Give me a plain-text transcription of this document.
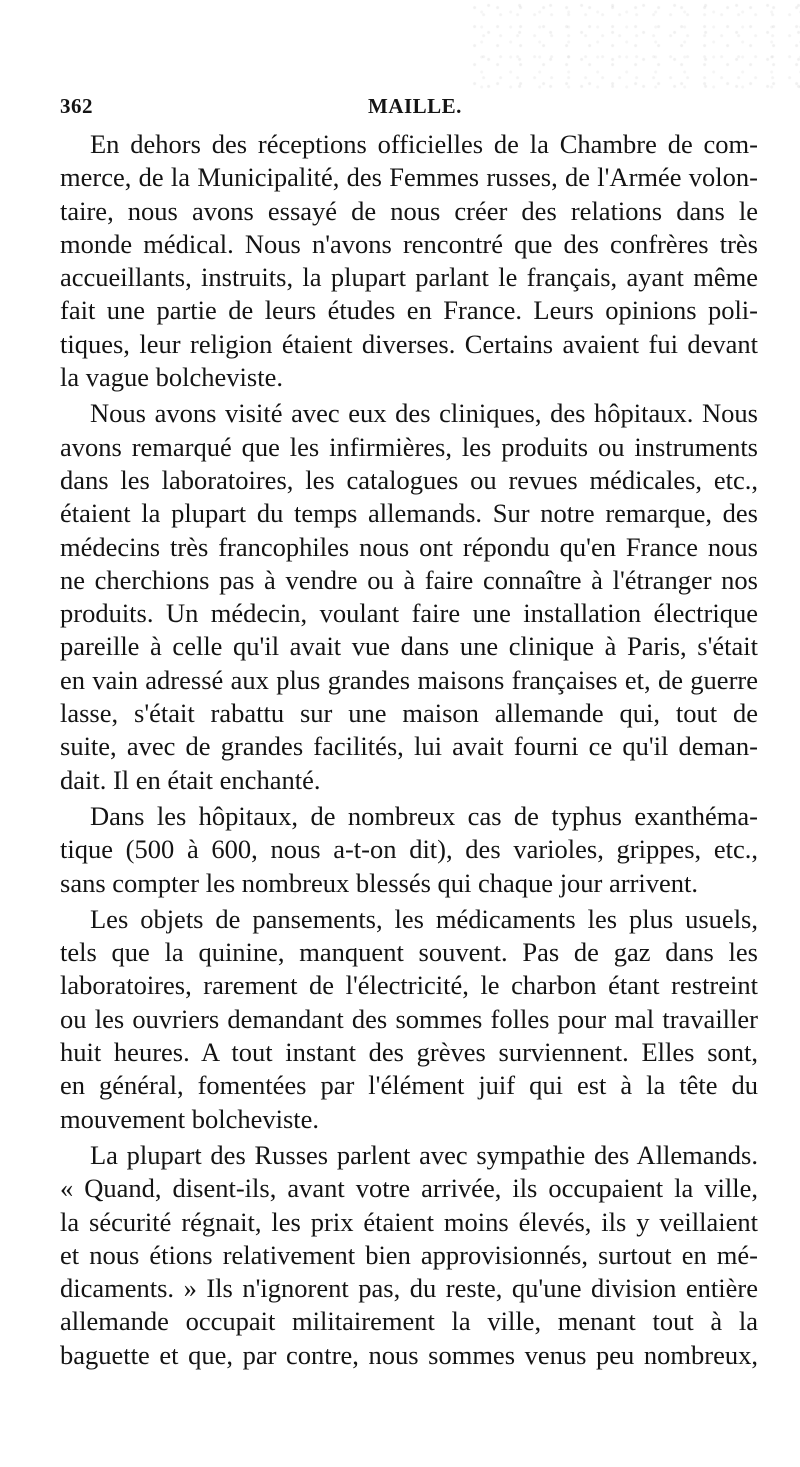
362	MAILLE.

En dehors des réceptions officielles de la Chambre de com-
merce, de la Municipalité, des Femmes russes, de l'Armée volon-
taire, nous avons essayé de nous créer des relations dans le
monde médical. Nous n'avons rencontré que des confrères très
accueillants, instruits, la plupart parlant le français, ayant même
fait une partie de leurs études en France. Leurs opinions poli-
tiques, leur religion étaient diverses. Certains avaient fui devant
la vague bolcheviste.

Nous avons visité avec eux des cliniques, des hôpitaux. Nous
avons remarqué que les infirmières, les produits ou instruments
dans les laboratoires, les catalogues ou revues médicales, etc.,
étaient la plupart du temps allemands. Sur notre remarque, des
médecins très francophiles nous ont répondu qu'en France nous
ne cherchions pas à vendre ou à faire connaître à l'étranger nos
produits. Un médecin, voulant faire une installation électrique
pareille à celle qu'il avait vue dans une clinique à Paris, s'était
en vain adressé aux plus grandes maisons françaises et, de guerre
lasse, s'était rabattu sur une maison allemande qui, tout de
suite, avec de grandes facilités, lui avait fourni ce qu'il deman-
dait. Il en était enchanté.

Dans les hôpitaux, de nombreux cas de typhus exanthéma-
tique (500 à 600, nous a-t-on dit), des varioles, grippes, etc.,
sans compter les nombreux blessés qui chaque jour arrivent.

Les objets de pansements, les médicaments les plus usuels,
tels que la quinine, manquent souvent. Pas de gaz dans les
laboratoires, rarement de l'électricité, le charbon étant restreint
ou les ouvriers demandant des sommes folles pour mal travailler
huit heures. A tout instant des grèves surviennent. Elles sont,
en général, fomentées par l'élément juif qui est à la tête du
mouvement bolcheviste.

La plupart des Russes parlent avec sympathie des Allemands.
« Quand, disent-ils, avant votre arrivée, ils occupaient la ville,
la sécurité régnait, les prix étaient moins élevés, ils y veillaient
et nous étions relativement bien approvisionnés, surtout en mé-
dicaments. » Ils n'ignorent pas, du reste, qu'une division entière
allemande occupait militairement la ville, menant tout à la
baguette et que, par contre, nous sommes venus peu nombreux,
